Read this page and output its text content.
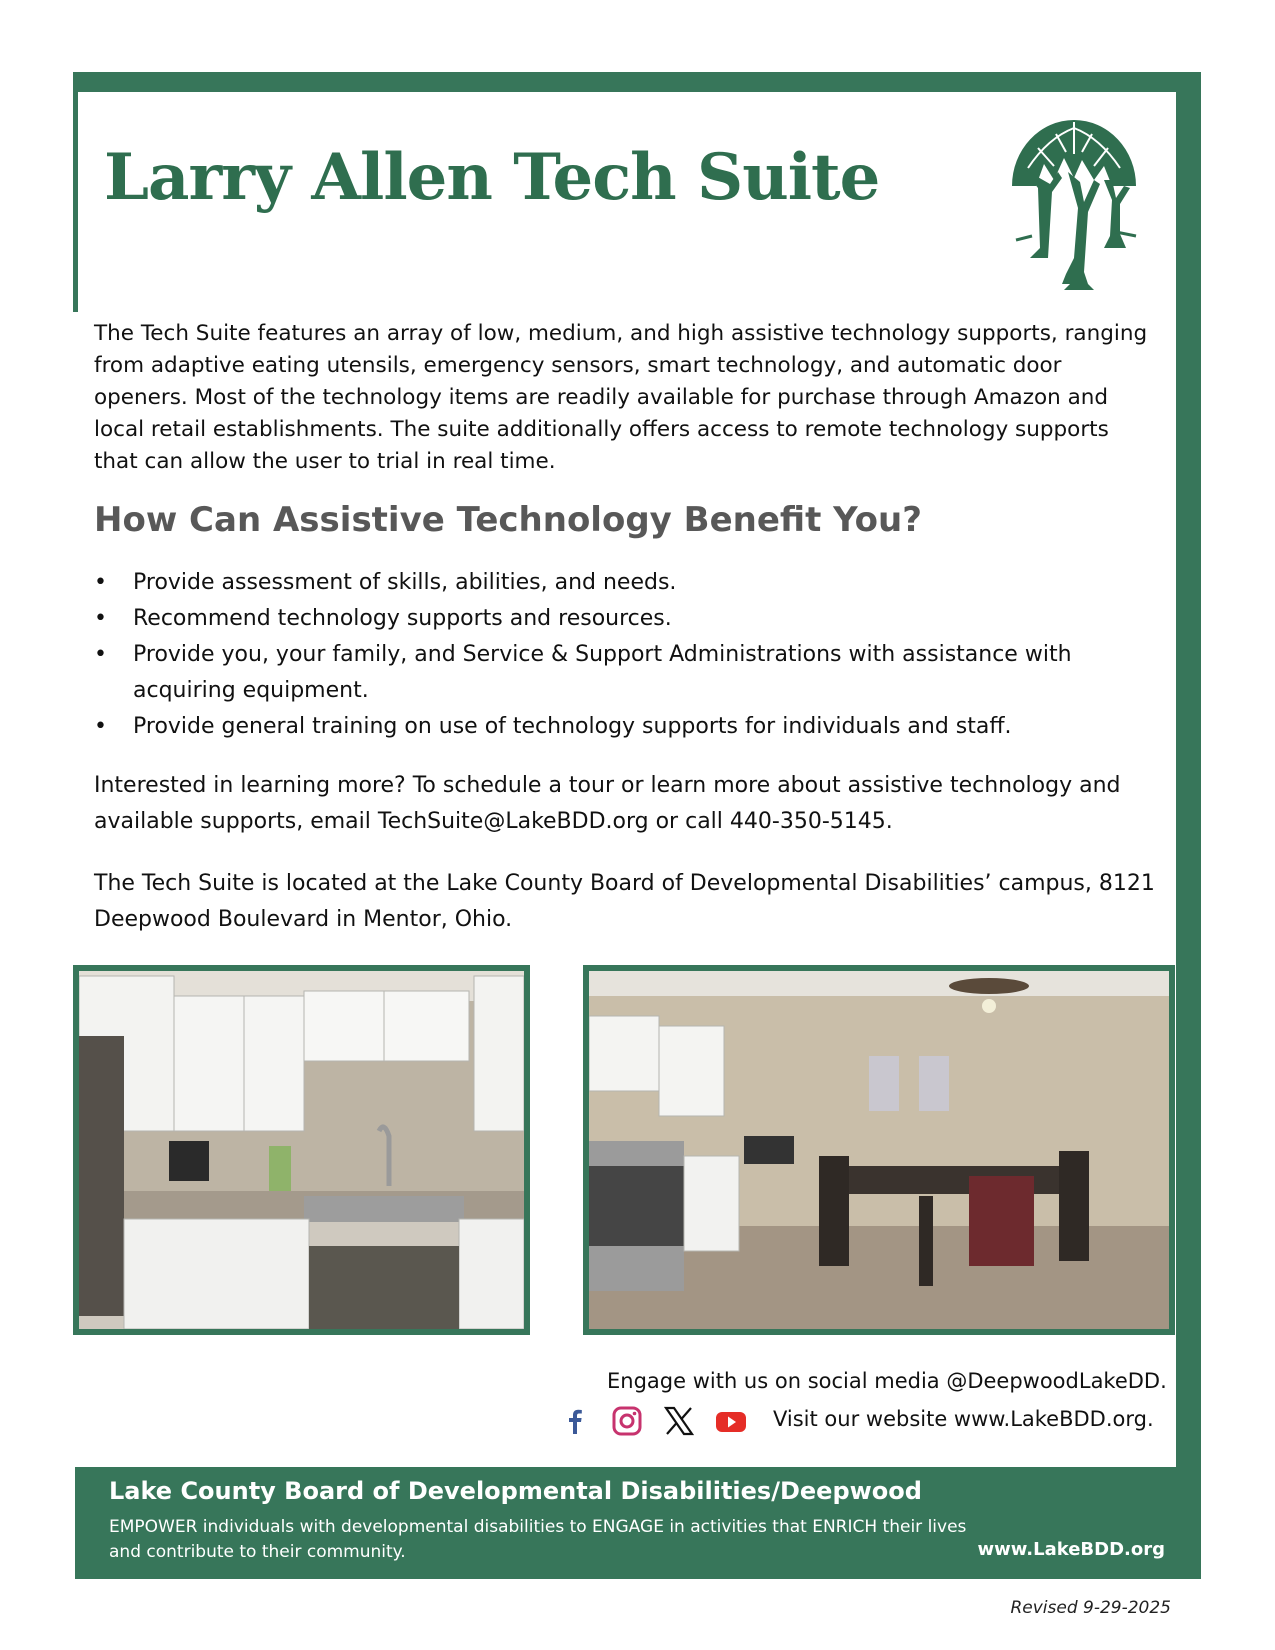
Larry Allen Tech Suite

The Tech Suite features an array of low, medium, and high assistive technology supports, ranging from adaptive eating utensils, emergency sensors, smart technology, and automatic door openers. Most of the technology items are readily available for purchase through Amazon and local retail establishments. The suite additionally offers access to remote technology supports that can allow the user to trial in real time.

How Can Assistive Technology Benefit You?
• Provide assessment of skills, abilities, and needs.
• Recommend technology supports and resources.
• Provide you, your family, and Service & Support Administrations with assistance with acquiring equipment.
• Provide general training on use of technology supports for individuals and staff.

Interested in learning more? To schedule a tour or learn more about assistive technology and available supports, email TechSuite@LakeBDD.org or call 440-350-5145.

The Tech Suite is located at the Lake County Board of Developmental Disabilities’ campus, 8121 Deepwood Boulevard in Mentor, Ohio.

Engage with us on social media @DeepwoodLakeDD.

Visit our website www.LakeBDD.org.

Lake County Board of Developmental Disabilities/Deepwood

EMPOWER individuals with developmental disabilities to ENGAGE in activities that ENRICH their lives and contribute to their community.	www.LakeBDD.org

Revised 9-29-2025
